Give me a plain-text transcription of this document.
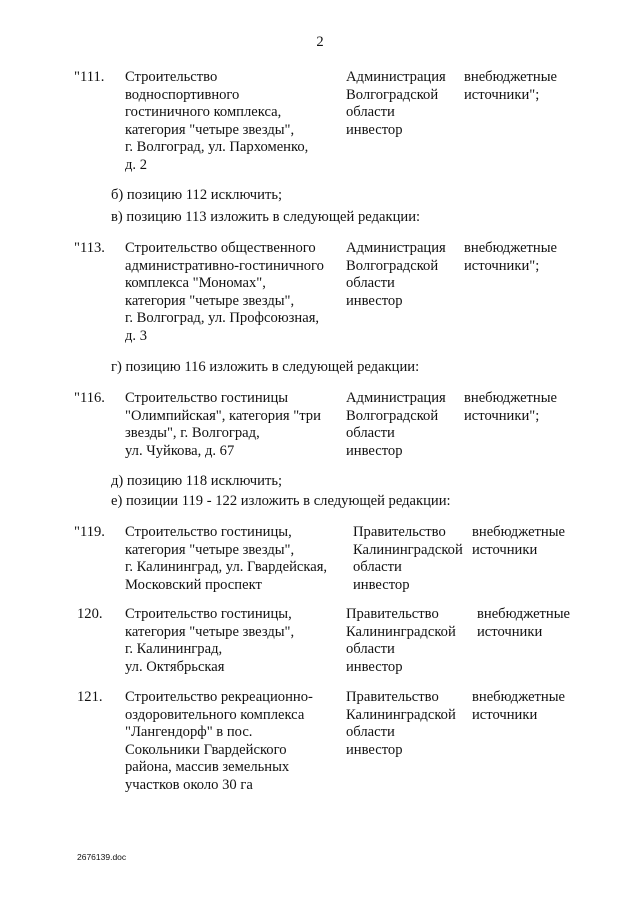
2
"111. Строительство
водноспортивного
гостиничного комплекса,
категория "четыре звезды",
г. Волгоград, ул. Пархоменко,
д. 2
Администрация
Волгоградской
области
инвестор
внебюджетные
источники";
б) позицию 112 исключить;
в) позицию 113 изложить в следующей редакции:
"113. Строительство общественного
административно-гостиничного
комплекса "Мономах",
категория "четыре звезды",
г. Волгоград, ул. Профсоюзная,
д. 3
Администрация
Волгоградской
области
инвестор
внебюджетные
источники";
г) позицию 116 изложить в следующей редакции:
"116. Строительство гостиницы
"Олимпийская", категория "три
звезды", г. Волгоград,
ул. Чуйкова, д. 67
Администрация
Волгоградской
области
инвестор
внебюджетные
источники";
д) позицию 118 исключить;
е) позиции 119 - 122 изложить в следующей редакции:
"119. Строительство гостиницы,
категория "четыре звезды",
г. Калининград, ул. Гвардейская,
Московский проспект
Правительство
Калининградской
области
инвестор
внебюджетные
источники
120. Строительство гостиницы,
категория "четыре звезды",
г. Калининград,
ул. Октябрьская
Правительство
Калининградской
области
инвестор
внебюджетные
источники
121. Строительство рекреационно-
оздоровительного комплекса
"Лангендорф" в пос.
Сокольники Гвардейского
района, массив земельных
участков около 30 га
Правительство
Калининградской
области
инвестор
внебюджетные
источники
2676139.doc
